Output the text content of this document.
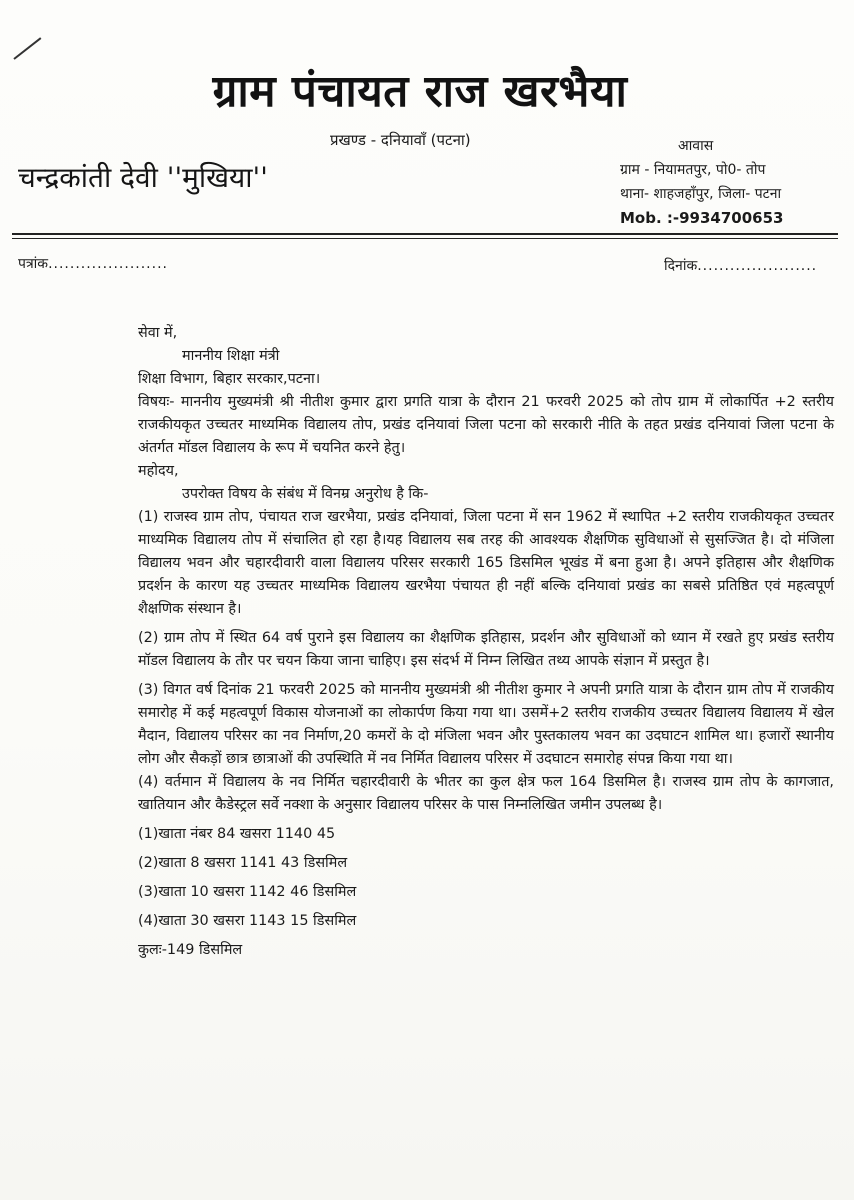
ग्राम पंचायत राज खरभैया
प्रखण्ड - दनियावाँ (पटना)
चन्द्रकांती देवी ''मुखिया''
आवास
ग्राम - नियामतपुर, पो0- तोप
थाना- शाहजहाँपुर, जिला- पटना
Mob. :-9934700653
पत्रांक......................	दिनांक......................

सेवा में,

माननीय शिक्षा मंत्री

शिक्षा विभाग, बिहार सरकार,पटना।

विषयः- माननीय मुख्यमंत्री श्री नीतीश कुमार द्वारा प्रगति यात्रा के दौरान 21 फरवरी 2025 को तोप ग्राम में लोकार्पित +2 स्तरीय राजकीयकृत उच्चतर माध्यमिक विद्यालय तोप, प्रखंड दनियावां जिला पटना को सरकारी नीति के तहत प्रखंड दनियावां जिला पटना के अंतर्गत मॉडल विद्यालय के रूप में चयनित करने हेतु।

महोदय,

उपरोक्त विषय के संबंध में विनम्र अनुरोध है कि-

(1) राजस्व ग्राम तोप, पंचायत राज खरभैया, प्रखंड दनियावां, जिला पटना में सन 1962 में स्थापित +2 स्तरीय राजकीयकृत उच्चतर माध्यमिक विद्यालय तोप में संचालित हो रहा है।यह विद्यालय सब तरह की आवश्यक शैक्षणिक सुविधाओं से सुसज्जित है। दो मंजिला विद्यालय भवन और चहारदीवारी वाला विद्यालय परिसर सरकारी 165 डिसमिल भूखंड में बना हुआ है। अपने इतिहास और शैक्षणिक प्रदर्शन के कारण यह उच्चतर माध्यमिक विद्यालय खरभैया पंचायत ही नहीं बल्कि दनियावां प्रखंड का सबसे प्रतिष्ठित एवं महत्वपूर्ण शैक्षणिक संस्थान है।

(2) ग्राम तोप में स्थित 64 वर्ष पुराने इस विद्यालय का शैक्षणिक इतिहास, प्रदर्शन और सुविधाओं को ध्यान में रखते हुए प्रखंड स्तरीय मॉडल विद्यालय के तौर पर चयन किया जाना चाहिए। इस संदर्भ में निम्न लिखित तथ्य आपके संज्ञान में प्रस्तुत है।

(3) विगत वर्ष दिनांक 21 फरवरी 2025 को माननीय मुख्यमंत्री श्री नीतीश कुमार ने अपनी प्रगति यात्रा के दौरान ग्राम तोप में राजकीय समारोह में कई महत्वपूर्ण विकास योजनाओं का लोकार्पण किया गया था। उसमें+2 स्तरीय राजकीय उच्चतर विद्यालय विद्यालय में खेल मैदान, विद्यालय परिसर का नव निर्माण,20 कमरों के दो मंजिला भवन और पुस्तकालय भवन का उदघाटन शामिल था। हजारों स्थानीय लोग और सैकड़ों छात्र छात्राओं की उपस्थिति में नव निर्मित विद्यालय परिसर में उदघाटन समारोह संपन्न किया गया था।

(4) वर्तमान में विद्यालय के नव निर्मित चहारदीवारी के भीतर का कुल क्षेत्र फल 164 डिसमिल है। राजस्व ग्राम तोप के कागजात, खातियान और कैडेस्ट्रल सर्वे नक्शा के अनुसार विद्यालय परिसर के पास निम्नलिखित जमीन उपलब्ध है।

(1)खाता नंबर 84 खसरा 1140 45

(2)खाता 8 खसरा 1141 43 डिसमिल

(3)खाता 10 खसरा 1142 46 डिसमिल

(4)खाता 30 खसरा 1143 15 डिसमिल

कुलः-149 डिसमिल
